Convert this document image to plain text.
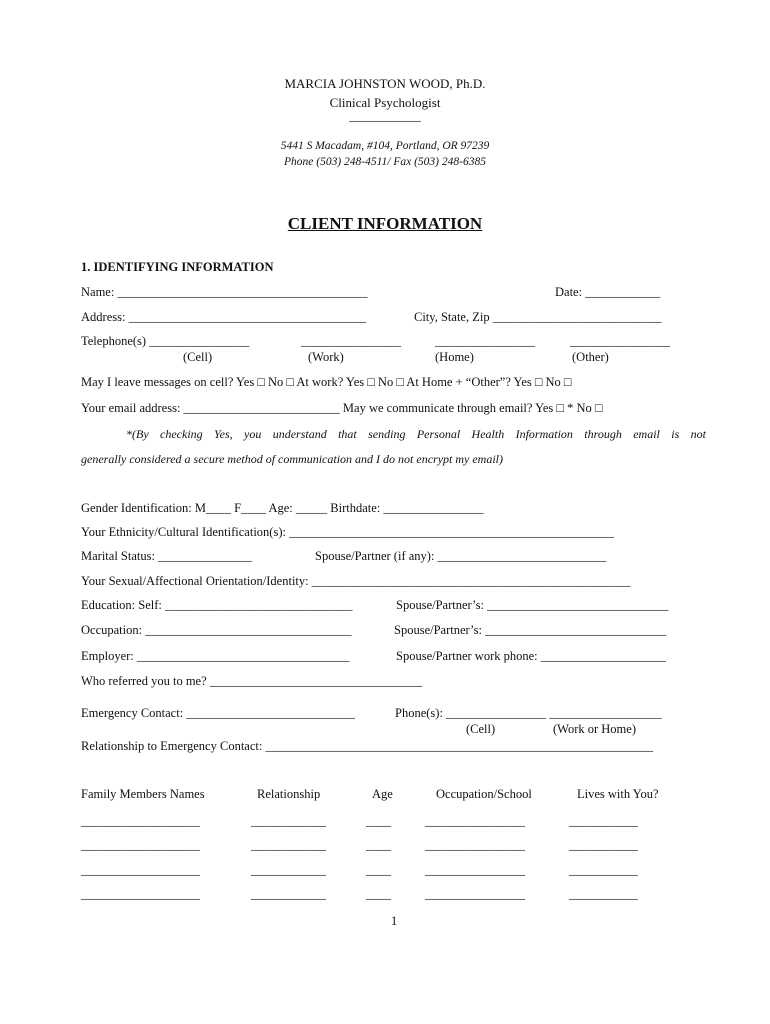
MARCIA JOHNSTON WOOD, Ph.D.
Clinical Psychologist
___________
5441 S Macadam, #104, Portland, OR 97239
Phone (503) 248-4511/ Fax (503) 248-6385
CLIENT INFORMATION
1. IDENTIFYING INFORMATION
Name: ________________________________________	Date: ____________
Address: ______________________________________	City, State, Zip ___________________________
Telephone(s) ________________	________________	________________	________________
(Cell)	(Work)	(Home)	(Other)
May I leave messages on cell? Yes □ No □ At work? Yes □ No □ At Home + “Other”? Yes □ No □
Your email address: _________________________ May we communicate through email? Yes □ * No □
*(By checking Yes, you understand that sending Personal Health Information through email is not
generally considered a secure method of communication and I do not encrypt my email)
Gender Identification: M____ F____ Age: _____ Birthdate: ________________
Your Ethnicity/Cultural Identification(s): ____________________________________________________
Marital Status: _______________	Spouse/Partner (if any): ___________________________
Your Sexual/Affectional Orientation/Identity: ___________________________________________________
Education: Self: ______________________________	Spouse/Partner’s: _____________________________
Occupation: _________________________________	Spouse/Partner’s: _____________________________
Employer: __________________________________	Spouse/Partner work phone: ____________________
Who referred you to me? __________________________________
Emergency Contact: ___________________________	Phone(s): ________________ __________________
(Cell)	(Work or Home)
Relationship to Emergency Contact: ______________________________________________________________
Family Members Names	Relationship	Age	Occupation/School	Lives with You?
___________________	____________	____	________________	___________
___________________	____________	____	________________	___________
___________________	____________	____	________________	___________
___________________	____________	____	________________	___________
1
